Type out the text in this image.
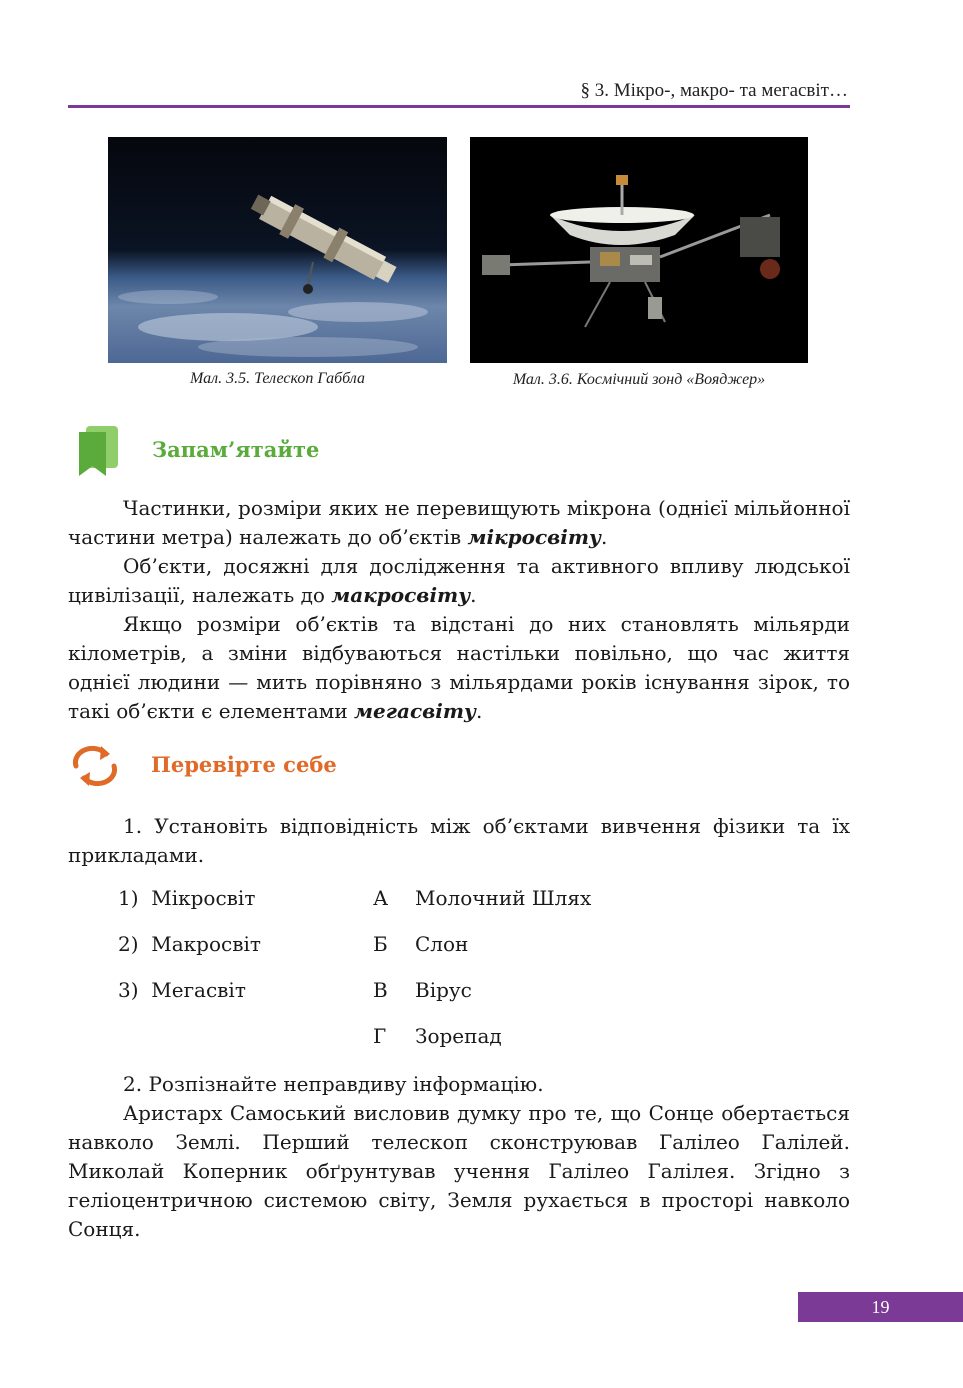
§ 3. Мікро-, макро- та мегасвіт…
Мал. 3.5. Телескоп Габбла	Мал. 3.6. Космічний зонд «Вояджер»
Запам’ятайте

Частинки, розміри яких не перевищують мікрона (однієї мільйонної частини метра) належать до об’єктів мікросвіту.

Об’єкти, досяжні для дослідження та активного впливу людської цивілізації, належать до макросвіту.

Якщо розміри об’єктів та відстані до них становлять мільярди кілометрів, а зміни відбуваються настільки повільно, що час життя однієї людини — мить порівняно з мільярдами років існування зірок, то такі об’єкти є елементами мегасвіту.

Перевірте себе

1. Установіть відповідність між об’єктами вивчення фізики та їх прикладами.

1) Мікросвіт
2) Макросвіт
3) Мегасвіт
А Молочний Шлях
Б Слон
В Вірус
Г Зорепад

2. Розпізнайте неправдиву інформацію.

Аристарх Самоський висловив думку про те, що Сонце обертається навколо Землі. Перший телескоп сконструював Галілео Галілей. Миколай Коперник обґрунтував учення Галілео Галілея. Згідно з геліоцентричною системою світу, Земля рухається в просторі навколо Сонця.

19
